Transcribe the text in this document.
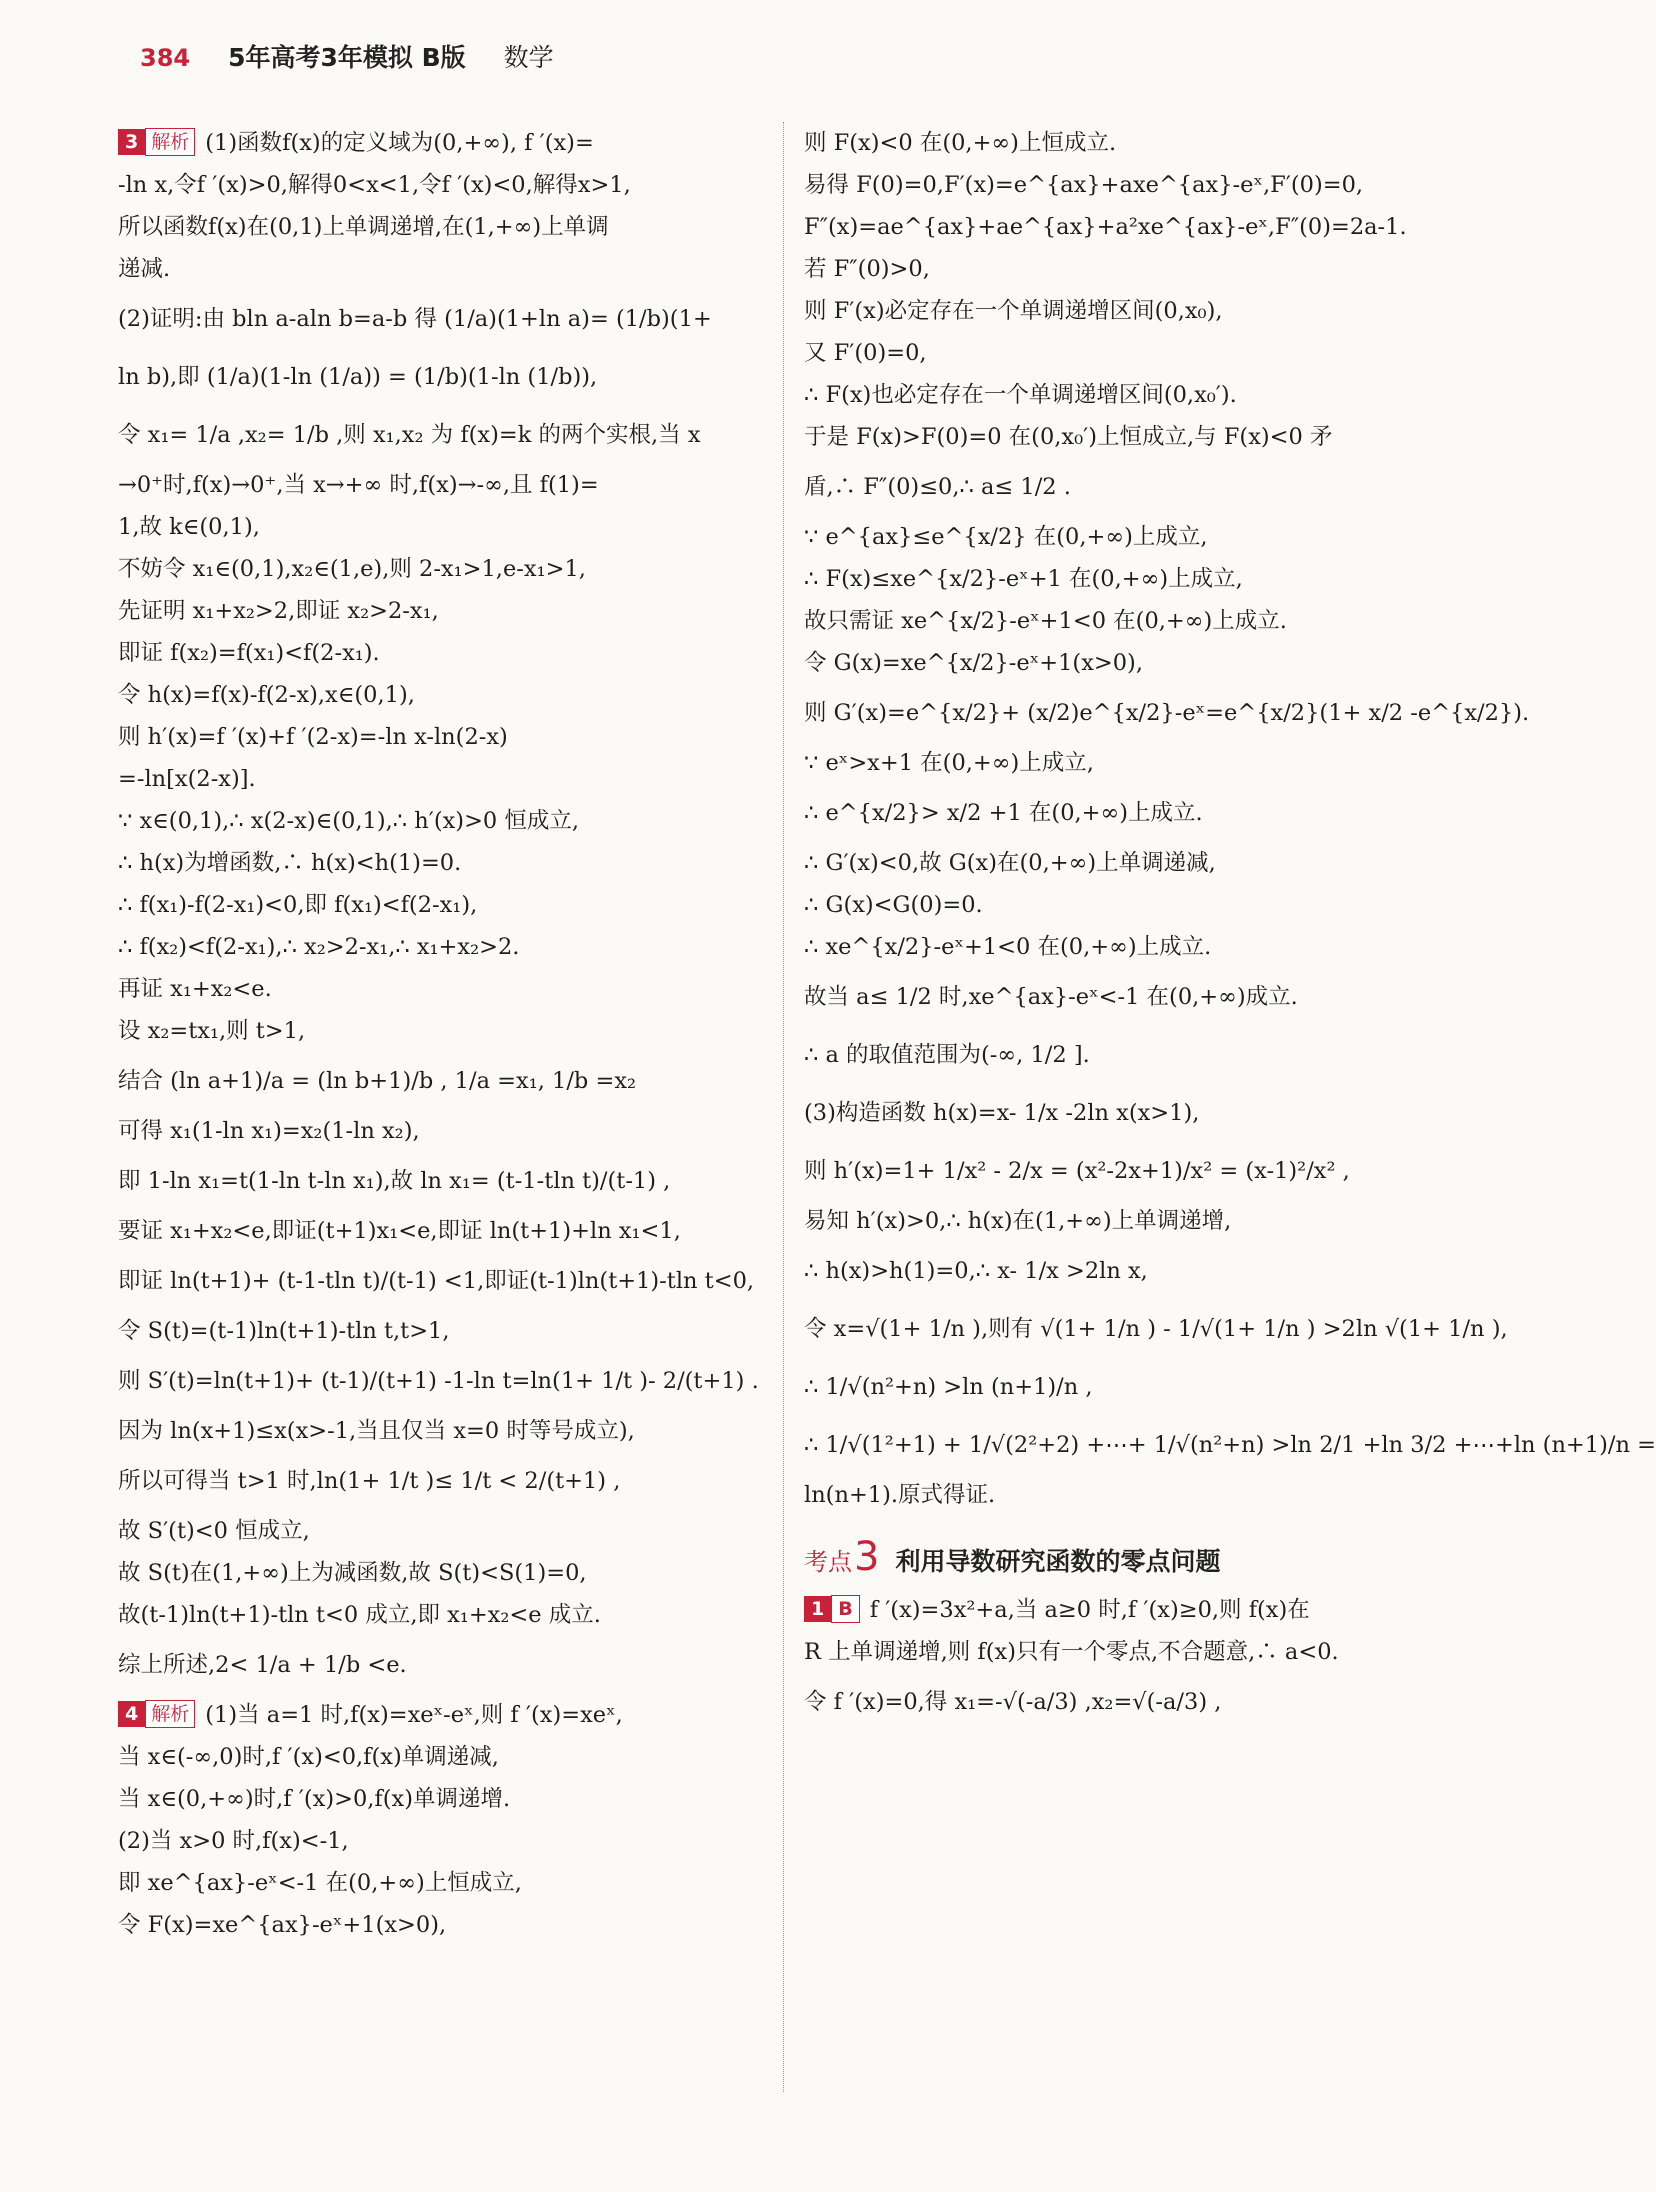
384 5年高考3年模拟 B版 数学
3 解析 (1)函数f(x)的定义域为(0,+∞), f ′(x)=
-ln x,令f ′(x)>0,解得0<x<1,令f ′(x)<0,解得x>1,
所以函数f(x)在(0,1)上单调递增,在(1,+∞)上单调
递减.
(2)证明:由 bln a-aln b=a-b 得 (1/a)(1+ln a)= (1/b)(1+
ln b),即 (1/a)(1-ln (1/a)) = (1/b)(1-ln (1/b)),
令 x₁= 1/a ,x₂= 1/b ,则 x₁,x₂ 为 f(x)=k 的两个实根,当 x
→0⁺时,f(x)→0⁺,当 x→+∞ 时,f(x)→-∞,且 f(1)=
1,故 k∈(0,1),
不妨令 x₁∈(0,1),x₂∈(1,e),则 2-x₁>1,e-x₁>1,
先证明 x₁+x₂>2,即证 x₂>2-x₁,
即证 f(x₂)=f(x₁)<f(2-x₁).
令 h(x)=f(x)-f(2-x),x∈(0,1),
则 h′(x)=f ′(x)+f ′(2-x)=-ln x-ln(2-x)
=-ln[x(2-x)].
∵ x∈(0,1),∴ x(2-x)∈(0,1),∴ h′(x)>0 恒成立,
∴ h(x)为增函数,∴ h(x)<h(1)=0.
∴ f(x₁)-f(2-x₁)<0,即 f(x₁)<f(2-x₁),
∴ f(x₂)<f(2-x₁),∴ x₂>2-x₁,∴ x₁+x₂>2.
再证 x₁+x₂<e.
设 x₂=tx₁,则 t>1,
结合 (ln a+1)/a = (ln b+1)/b , 1/a =x₁, 1/b =x₂
可得 x₁(1-ln x₁)=x₂(1-ln x₂),
即 1-ln x₁=t(1-ln t-ln x₁),故 ln x₁= (t-1-tln t)/(t-1) ,
要证 x₁+x₂<e,即证(t+1)x₁<e,即证 ln(t+1)+ln x₁<1,
即证 ln(t+1)+ (t-1-tln t)/(t-1) <1,即证(t-1)ln(t+1)-tln t<0,
令 S(t)=(t-1)ln(t+1)-tln t,t>1,
则 S′(t)=ln(t+1)+ (t-1)/(t+1) -1-ln t=ln(1+ 1/t )- 2/(t+1) .
因为 ln(x+1)≤x(x>-1,当且仅当 x=0 时等号成立),
所以可得当 t>1 时,ln(1+ 1/t )≤ 1/t < 2/(t+1) ,
故 S′(t)<0 恒成立,
故 S(t)在(1,+∞)上为减函数,故 S(t)<S(1)=0,
故(t-1)ln(t+1)-tln t<0 成立,即 x₁+x₂<e 成立.
综上所述,2< 1/a + 1/b <e.
4 解析 (1)当 a=1 时,f(x)=xeˣ-eˣ,则 f ′(x)=xeˣ,
当 x∈(-∞,0)时,f ′(x)<0,f(x)单调递减,
当 x∈(0,+∞)时,f ′(x)>0,f(x)单调递增.
(2)当 x>0 时,f(x)<-1,
即 xe^{ax}-eˣ<-1 在(0,+∞)上恒成立,
令 F(x)=xe^{ax}-eˣ+1(x>0),
则 F(x)<0 在(0,+∞)上恒成立.
易得 F(0)=0,F′(x)=e^{ax}+axe^{ax}-eˣ,F′(0)=0,
F″(x)=ae^{ax}+ae^{ax}+a²xe^{ax}-eˣ,F″(0)=2a-1.
若 F″(0)>0,
则 F′(x)必定存在一个单调递增区间(0,x₀),
又 F′(0)=0,
∴ F(x)也必定存在一个单调递增区间(0,x₀′).
于是 F(x)>F(0)=0 在(0,x₀′)上恒成立,与 F(x)<0 矛
盾,∴ F″(0)≤0,∴ a≤ 1/2 .
∵ e^{ax}≤e^{x/2} 在(0,+∞)上成立,
∴ F(x)≤xe^{x/2}-eˣ+1 在(0,+∞)上成立,
故只需证 xe^{x/2}-eˣ+1<0 在(0,+∞)上成立.
令 G(x)=xe^{x/2}-eˣ+1(x>0),
则 G′(x)=e^{x/2}+ (x/2)e^{x/2}-eˣ=e^{x/2}(1+ x/2 -e^{x/2}).
∵ eˣ>x+1 在(0,+∞)上成立,
∴ e^{x/2}> x/2 +1 在(0,+∞)上成立.
∴ G′(x)<0,故 G(x)在(0,+∞)上单调递减,
∴ G(x)<G(0)=0.
∴ xe^{x/2}-eˣ+1<0 在(0,+∞)上成立.
故当 a≤ 1/2 时,xe^{ax}-eˣ<-1 在(0,+∞)成立.
∴ a 的取值范围为(-∞, 1/2 ].
(3)构造函数 h(x)=x- 1/x -2ln x(x>1),
则 h′(x)=1+ 1/x² - 2/x = (x²-2x+1)/x² = (x-1)²/x² ,
易知 h′(x)>0,∴ h(x)在(1,+∞)上单调递增,
∴ h(x)>h(1)=0,∴ x- 1/x >2ln x,
令 x=√(1+ 1/n ),则有 √(1+ 1/n ) - 1/√(1+ 1/n ) >2ln √(1+ 1/n ),
∴ 1/√(n²+n) >ln (n+1)/n ,
∴ 1/√(1²+1) + 1/√(2²+2) +⋯+ 1/√(n²+n) >ln 2/1 +ln 3/2 +⋯+ln (n+1)/n =
ln(n+1).原式得证.
考点 3 利用导数研究函数的零点问题
1 B f ′(x)=3x²+a,当 a≥0 时,f ′(x)≥0,则 f(x)在
R 上单调递增,则 f(x)只有一个零点,不合题意,∴ a<0.
令 f ′(x)=0,得 x₁=-√(-a/3) ,x₂=√(-a/3) ,
